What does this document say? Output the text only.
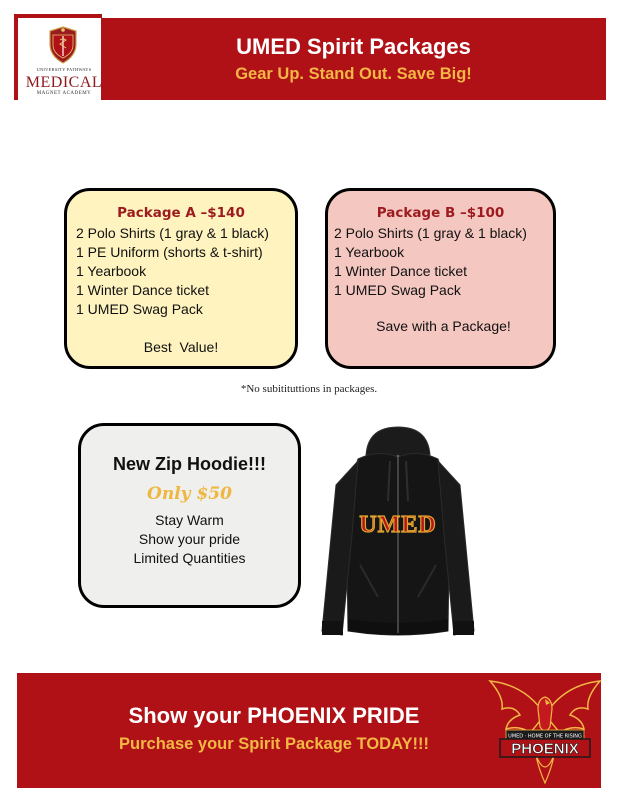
UNIVERSITY PATHWAYS
MEDICAL
MAGNET ACADEMY
UMED Spirit Packages
Gear Up. Stand Out. Save Big!
Package A –$140
2 Polo Shirts (1 gray & 1 black)
1 PE Uniform (shorts & t-shirt)
1 Yearbook
1 Winter Dance ticket
1 UMED Swag Pack
Best  Value!
Package B –$100
2 Polo Shirts (1 gray & 1 black)
1 Yearbook
1 Winter Dance ticket
1 UMED Swag Pack
Save with a Package!
*No subitituttions in packages.
New Zip Hoodie!!!
Only $50
Stay Warm
Show your pride
Limited Quantities
UMED
Show your PHOENIX PRIDE
Purchase your Spirit Package TODAY!!!	UMED · HOME OF THE RISING
PHOENIX
